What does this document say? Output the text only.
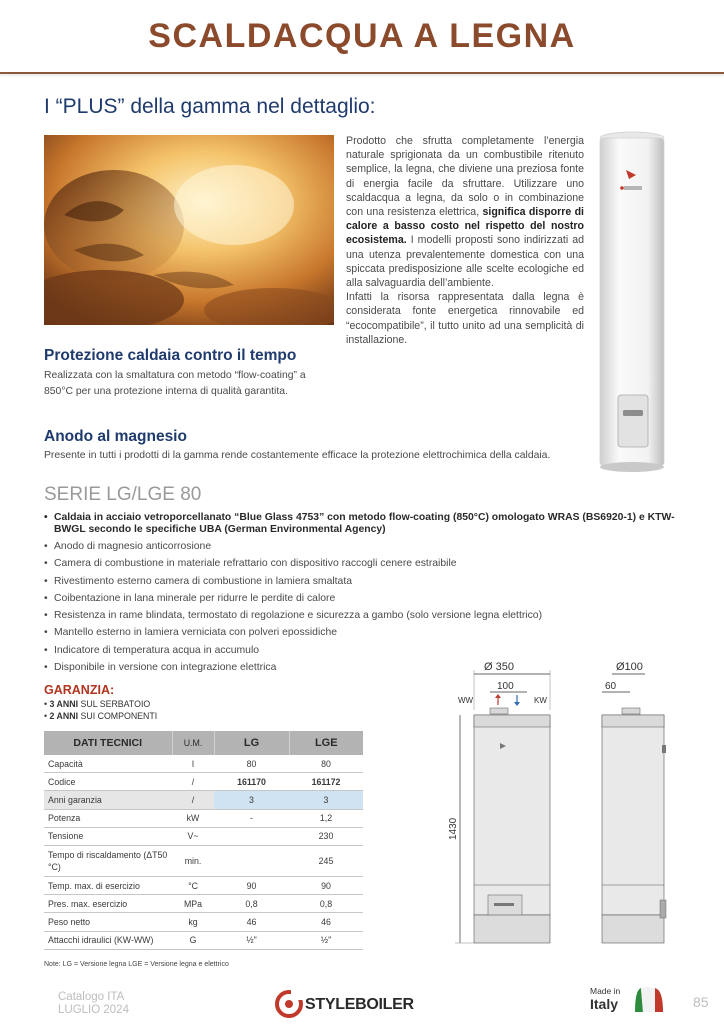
SCALDACQUA A LEGNA
I “PLUS” della gamma nel dettaglio:
Prodotto che sfrutta completamente l’energia naturale sprigionata da un combustibile ritenuto semplice, la legna, che diviene una preziosa fonte di energia facile da sfruttare. Utilizzare uno scaldacqua a legna, da solo o in combinazione con una resistenza elettrica, significa disporre di calore a basso costo nel rispetto del nostro ecosistema. I modelli proposti sono indirizzati ad una utenza prevalentemente domestica con una spiccata predisposizione alle scelte ecologiche ed alla salvaguardia dell’ambiente.
Infatti la risorsa rappresentata dalla legna è considerata fonte energetica rinnovabile ed “ecocompatibile”, il tutto unito ad una semplicità di installazione.
Protezione caldaia contro il tempo
Realizzata con la smaltatura con metodo “flow-coating” a 850°C per una protezione interna di qualità garantita.
Anodo al magnesio
Presente in tutti i prodotti di la gamma rende costantemente efficace la protezione elettrochimica della caldaia.
SERIE LG/LGE 80
• Caldaia in acciaio vetroporcellanato “Blue Glass 4753” con metodo flow-coating (850°C) omologato WRAS (BS6920-1) e KTW-BWGL secondo le specifiche UBA (German Environmental Agency)
• Anodo di magnesio anticorrosione
• Camera di combustione in materiale refrattario con dispositivo raccogli cenere estraibile
• Rivestimento esterno camera di combustione in lamiera smaltata
• Coibentazione in lana minerale per ridurre le perdite di calore
• Resistenza in rame blindata, termostato di regolazione e sicurezza a gambo (solo versione legna elettrico)
• Mantello esterno in lamiera verniciata con polveri epossidiche
• Indicatore di temperatura acqua in accumulo
• Disponibile in versione con integrazione elettrica
GARANZIA:
• 3 ANNI SUL SERBATOIO
• 2 ANNI SUI COMPONENTI
DATI TECNICI	U.M.	LG	LGE
Capacità	l	80	80
Codice	/	161170	161172
Anni garanzia	/	3	3
Potenza	kW	-	1,2
Tensione	V~		230
Tempo di riscaldamento (ΔT50 °C)	min.		245
Temp. max. di esercizio	°C	90	90
Pres. max. esercizio	MPa	0,8	0,8
Peso netto	kg	46	46
Attacchi idraulici (KW-WW)	G	½"	½"
Note: LG = Versione legna LGE = Versione legna e elettrico
Ø 350
100
WW	KW
1430
Ø100
60
Catalogo ITA
LUGLIO 2024	STYLEBOILER
Made in
Italy	85
